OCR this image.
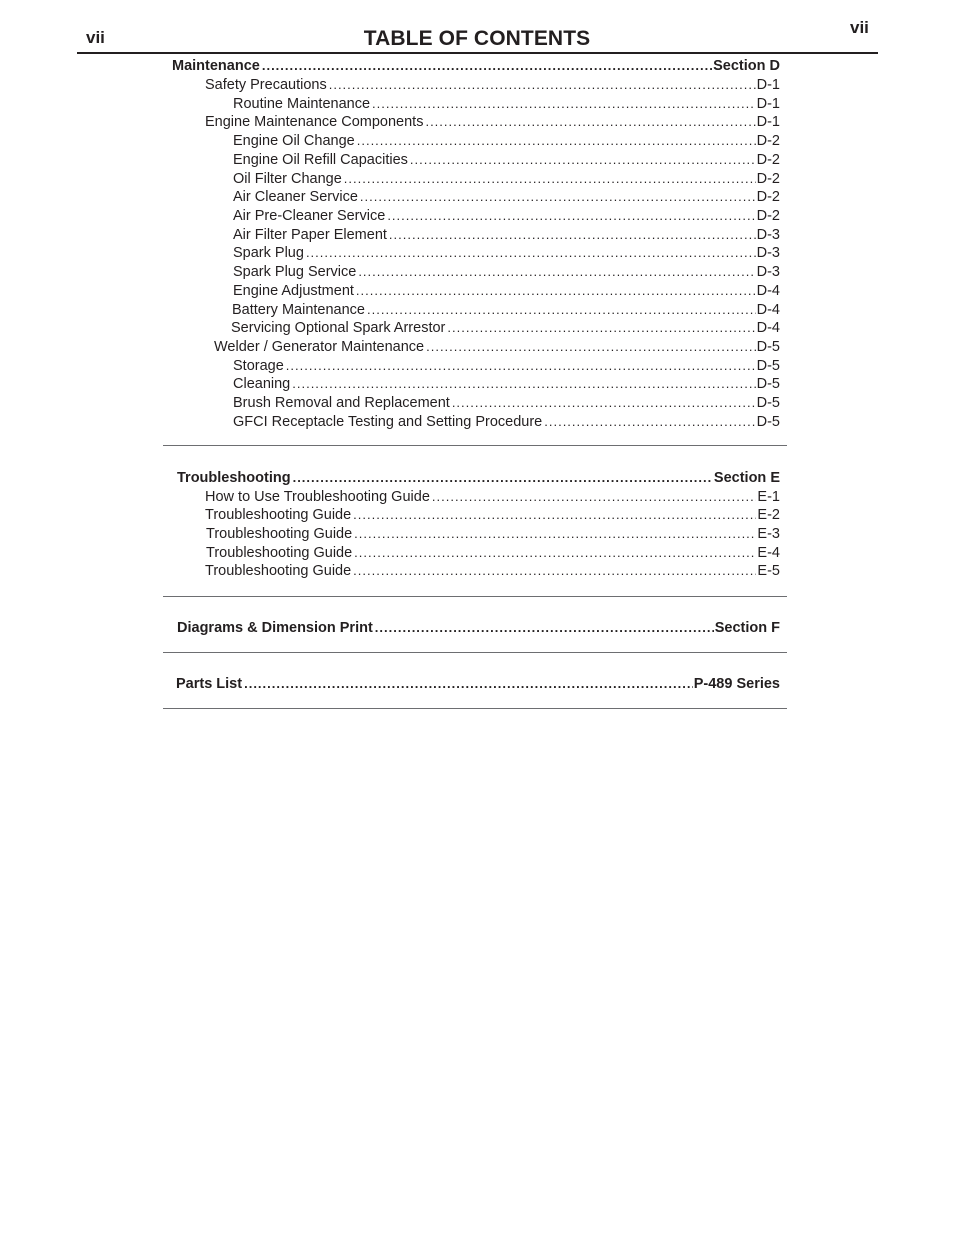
vii
vii
TABLE OF CONTENTS
Maintenance .....	Section D
Safety Precautions .....	D-1
Routine Maintenance .....	D-1
Engine Maintenance Components .....	D-1
Engine Oil Change .....	D-2
Engine Oil Refill Capacities .....	D-2
Oil Filter Change .....	D-2
Air Cleaner Service .....	D-2
Air Pre-Cleaner Service .....	D-2
Air Filter Paper Element .....	D-3
Spark Plug .....	D-3
Spark Plug Service .....	D-3
Engine Adjustment .....	D-4
Battery Maintenance .....	D-4
Servicing Optional Spark Arrestor .....	D-4
Welder / Generator Maintenance .....	D-5
Storage .....	D-5
Cleaning .....	D-5
Brush Removal and Replacement .....	D-5
GFCI Receptacle Testing and Setting Procedure .....	D-5
Troubleshooting .....	Section E
How to Use Troubleshooting Guide .....	E-1
Troubleshooting Guide .....	E-2
Troubleshooting Guide .....	E-3
Troubleshooting Guide .....	E-4
Troubleshooting Guide .....	E-5
Diagrams & Dimension Print .....	Section F
Parts List .....	P-489 Series
